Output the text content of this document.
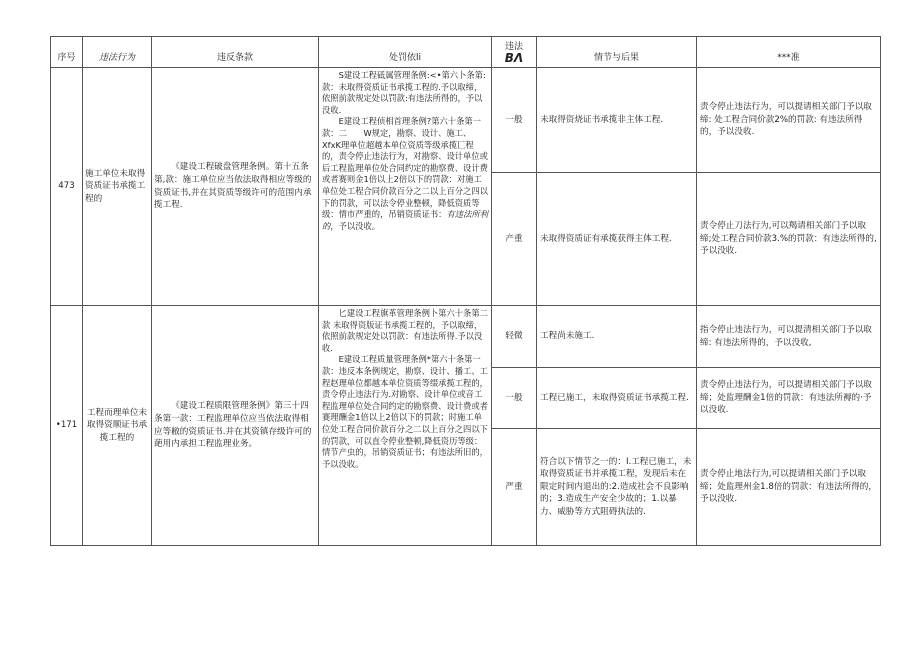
序号	违法行为	违反条款	处罚依li	违法
BΛ	情节与后果	***准
473	施工单位未取得资质证书承揽工程的	《建设工程破盘管理条例。第十五条第,款：施工单位应当依法取得相应等级的资质证书,并在其资质等级许可的范围内承揽工程.	S建设工程砥属管理条例:<•第六卜条第:款：未取得资质证书承揽工程的.予以取缔，依照前款规定处以罚款:有违法所得的，予以没收.
E建设工程侦相首理条例?第六十条第一款：二　　W规定，勘察、设计、施工、XfxK理单位超越本单位资质等级承揽匸程的，责令停止违法行为，对勘察、设计单位或后工程监理单位处合同约定的勘察费、设计费或者赛则金1倍以上2倍以下的罚款：对施工单位处工程合同价款百分之二以上百分之四以下的罚款，可以法令停业整顿，降低资质等级：情市严重的，吊销资质证书：有违法所利的，予以没收。	一般	未取得资烧证书承揽非主体工程.	责令停止违法行为，可以提请相关部门予以取缔: 处工程合同价款2%的罚款: 有违法所得的，予以没收.
				产重	未取得资质证有承揽获得主体工程.	责令停止刀法行为,可以羯请相关部门予以取缔;处工程合同价款3.%的罚款：有违法所得的,予以没收.
•171	工程而理单位未取得资顺证书承揽工程的	《建设工程质限管理条例》第三十四条第一款：工程监理单位应当依法取得相应等敝的资质证书.并在其资镇存级许可的葩用内承担工程监理业务。	匕建设工程旗革管理条例卜第六十条第二款 未取得资版证书承揽工程的，予以取缔，依照前款规定处以罚款：有违法所得.予以没收.
E建设工程质量管理条例*第六十条第一款：违反本条例规定，勘察、设计、播工、工程赵理单位都越本单位资质等缀承揽工程的，责令停止违法行为.对勘察、设计单位或音工程监理单位处合同约定的勘察费、设计费或者赛理酬金1倍以上2倍以下的罚款；时施工单位处工程合同价款百分之二以上百分之四以下的罚款，可以直令停业整顿,降低资历等级：情节产虫的，吊销资质证书；有违法所旧的，予以没收。	轻微	工程尚未施工.	指令停止违法行为，可以提清相关部门予以取缔: 有违法所得的，予以没收,
				一般	工程已施工，未取得资质证书承揽工程.	责令停止违法行为，可以提请相关部门予以取缔；处监理酬金1倍的罚款：有违法所褥的·予以没收.
				严重	符合以下情节之一的：I.工程已施工，未取得资质证书并承揽工程，发现后未在限定时间内退出的:2.造成社会不良影响的；3.造成生产安全少故的；1.以暴力、威胁等方式阻碍执法的.	责令停止地法行为,可以提请相关部门予以取缔；处监理州金1.8倍的罚款：有违法所得的，予以没收.
